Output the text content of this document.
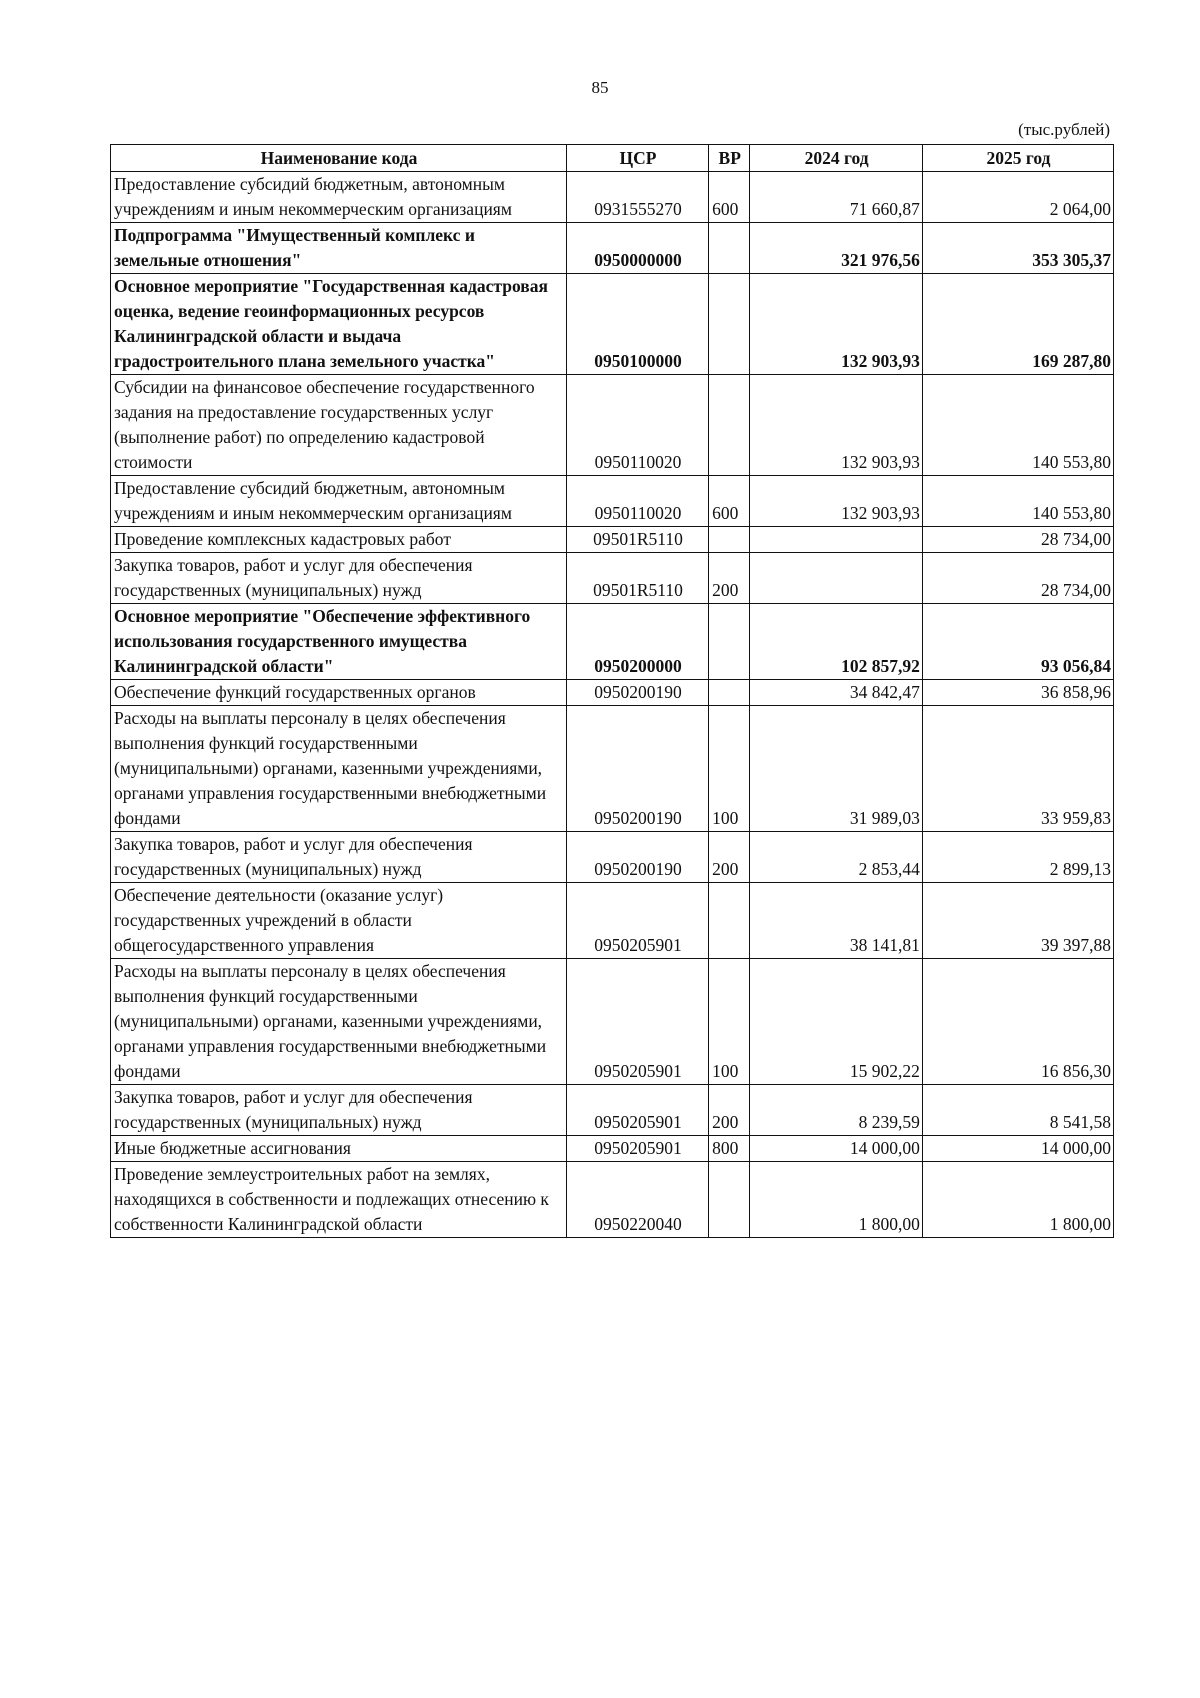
85
(тыс.рублей)
Наименование кода	ЦСР	ВР	2024 год	2025 год
Предоставление субсидий бюджетным, автономным учреждениям и иным некоммерческим организациям	0931555270	600	71 660,87	2 064,00
Подпрограмма "Имущественный комплекс и земельные отношения"	0950000000		321 976,56	353 305,37
Основное мероприятие "Государственная кадастровая оценка, ведение геоинформационных ресурсов Калининградской области и выдача градостроительного плана земельного участка"	0950100000		132 903,93	169 287,80
Субсидии на финансовое обеспечение государственного задания на предоставление государственных услуг (выполнение работ) по определению кадастровой стоимости	0950110020		132 903,93	140 553,80
Предоставление субсидий бюджетным, автономным учреждениям и иным некоммерческим организациям	0950110020	600	132 903,93	140 553,80
Проведение комплексных кадастровых работ	09501R5110			28 734,00
Закупка товаров, работ и услуг для обеспечения государственных (муниципальных) нужд	09501R5110	200		28 734,00
Основное мероприятие "Обеспечение эффективного использования государственного имущества Калининградской области"	0950200000		102 857,92	93 056,84
Обеспечение функций государственных органов	0950200190		34 842,47	36 858,96
Расходы на выплаты персоналу в целях обеспечения выполнения функций государственными (муниципальными) органами, казенными учреждениями, органами управления государственными внебюджетными фондами	0950200190	100	31 989,03	33 959,83
Закупка товаров, работ и услуг для обеспечения государственных (муниципальных) нужд	0950200190	200	2 853,44	2 899,13
Обеспечение деятельности (оказание услуг) государственных учреждений в области общегосударственного управления	0950205901		38 141,81	39 397,88
Расходы на выплаты персоналу в целях обеспечения выполнения функций государственными (муниципальными) органами, казенными учреждениями, органами управления государственными внебюджетными фондами	0950205901	100	15 902,22	16 856,30
Закупка товаров, работ и услуг для обеспечения государственных (муниципальных) нужд	0950205901	200	8 239,59	8 541,58
Иные бюджетные ассигнования	0950205901	800	14 000,00	14 000,00
Проведение землеустроительных работ на землях, находящихся в собственности и подлежащих отнесению к собственности Калининградской области	0950220040		1 800,00	1 800,00
